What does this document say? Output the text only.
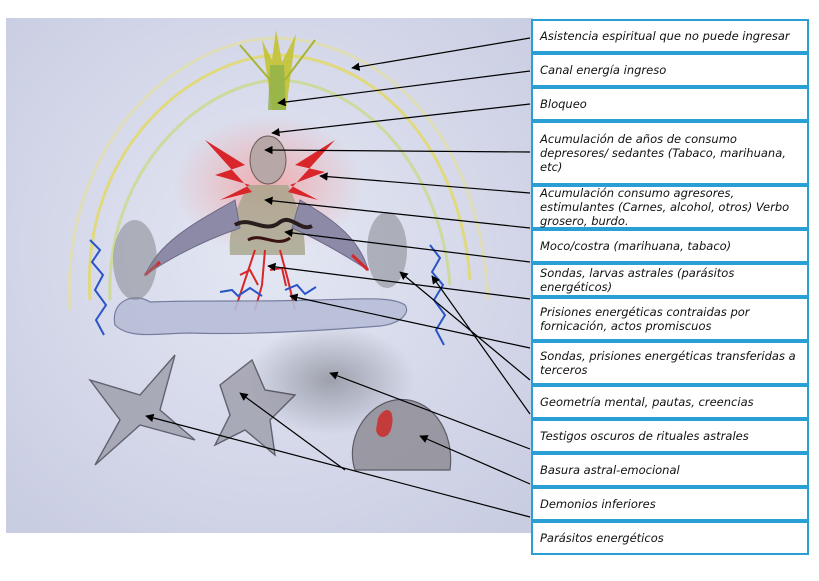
Asistencia espiritual que no puede ingresar
Canal energía ingreso
Bloqueo
Acumulación de años de consumo depresores/ sedantes (Tabaco, marihuana, etc)
Acumulación consumo agresores, estimulantes (Carnes, alcohol, otros) Verbo grosero, burdo.
Moco/costra (marihuana, tabaco)
Sondas, larvas astrales (parásitos energéticos)
Prisiones energéticas contraidas por fornicación, actos promiscuos
Sondas, prisiones energéticas transferidas a terceros
Geometría mental, pautas, creencias
Testigos oscuros de rituales astrales
Basura astral-emocional
Demonios inferiores
Parásitos energéticos
